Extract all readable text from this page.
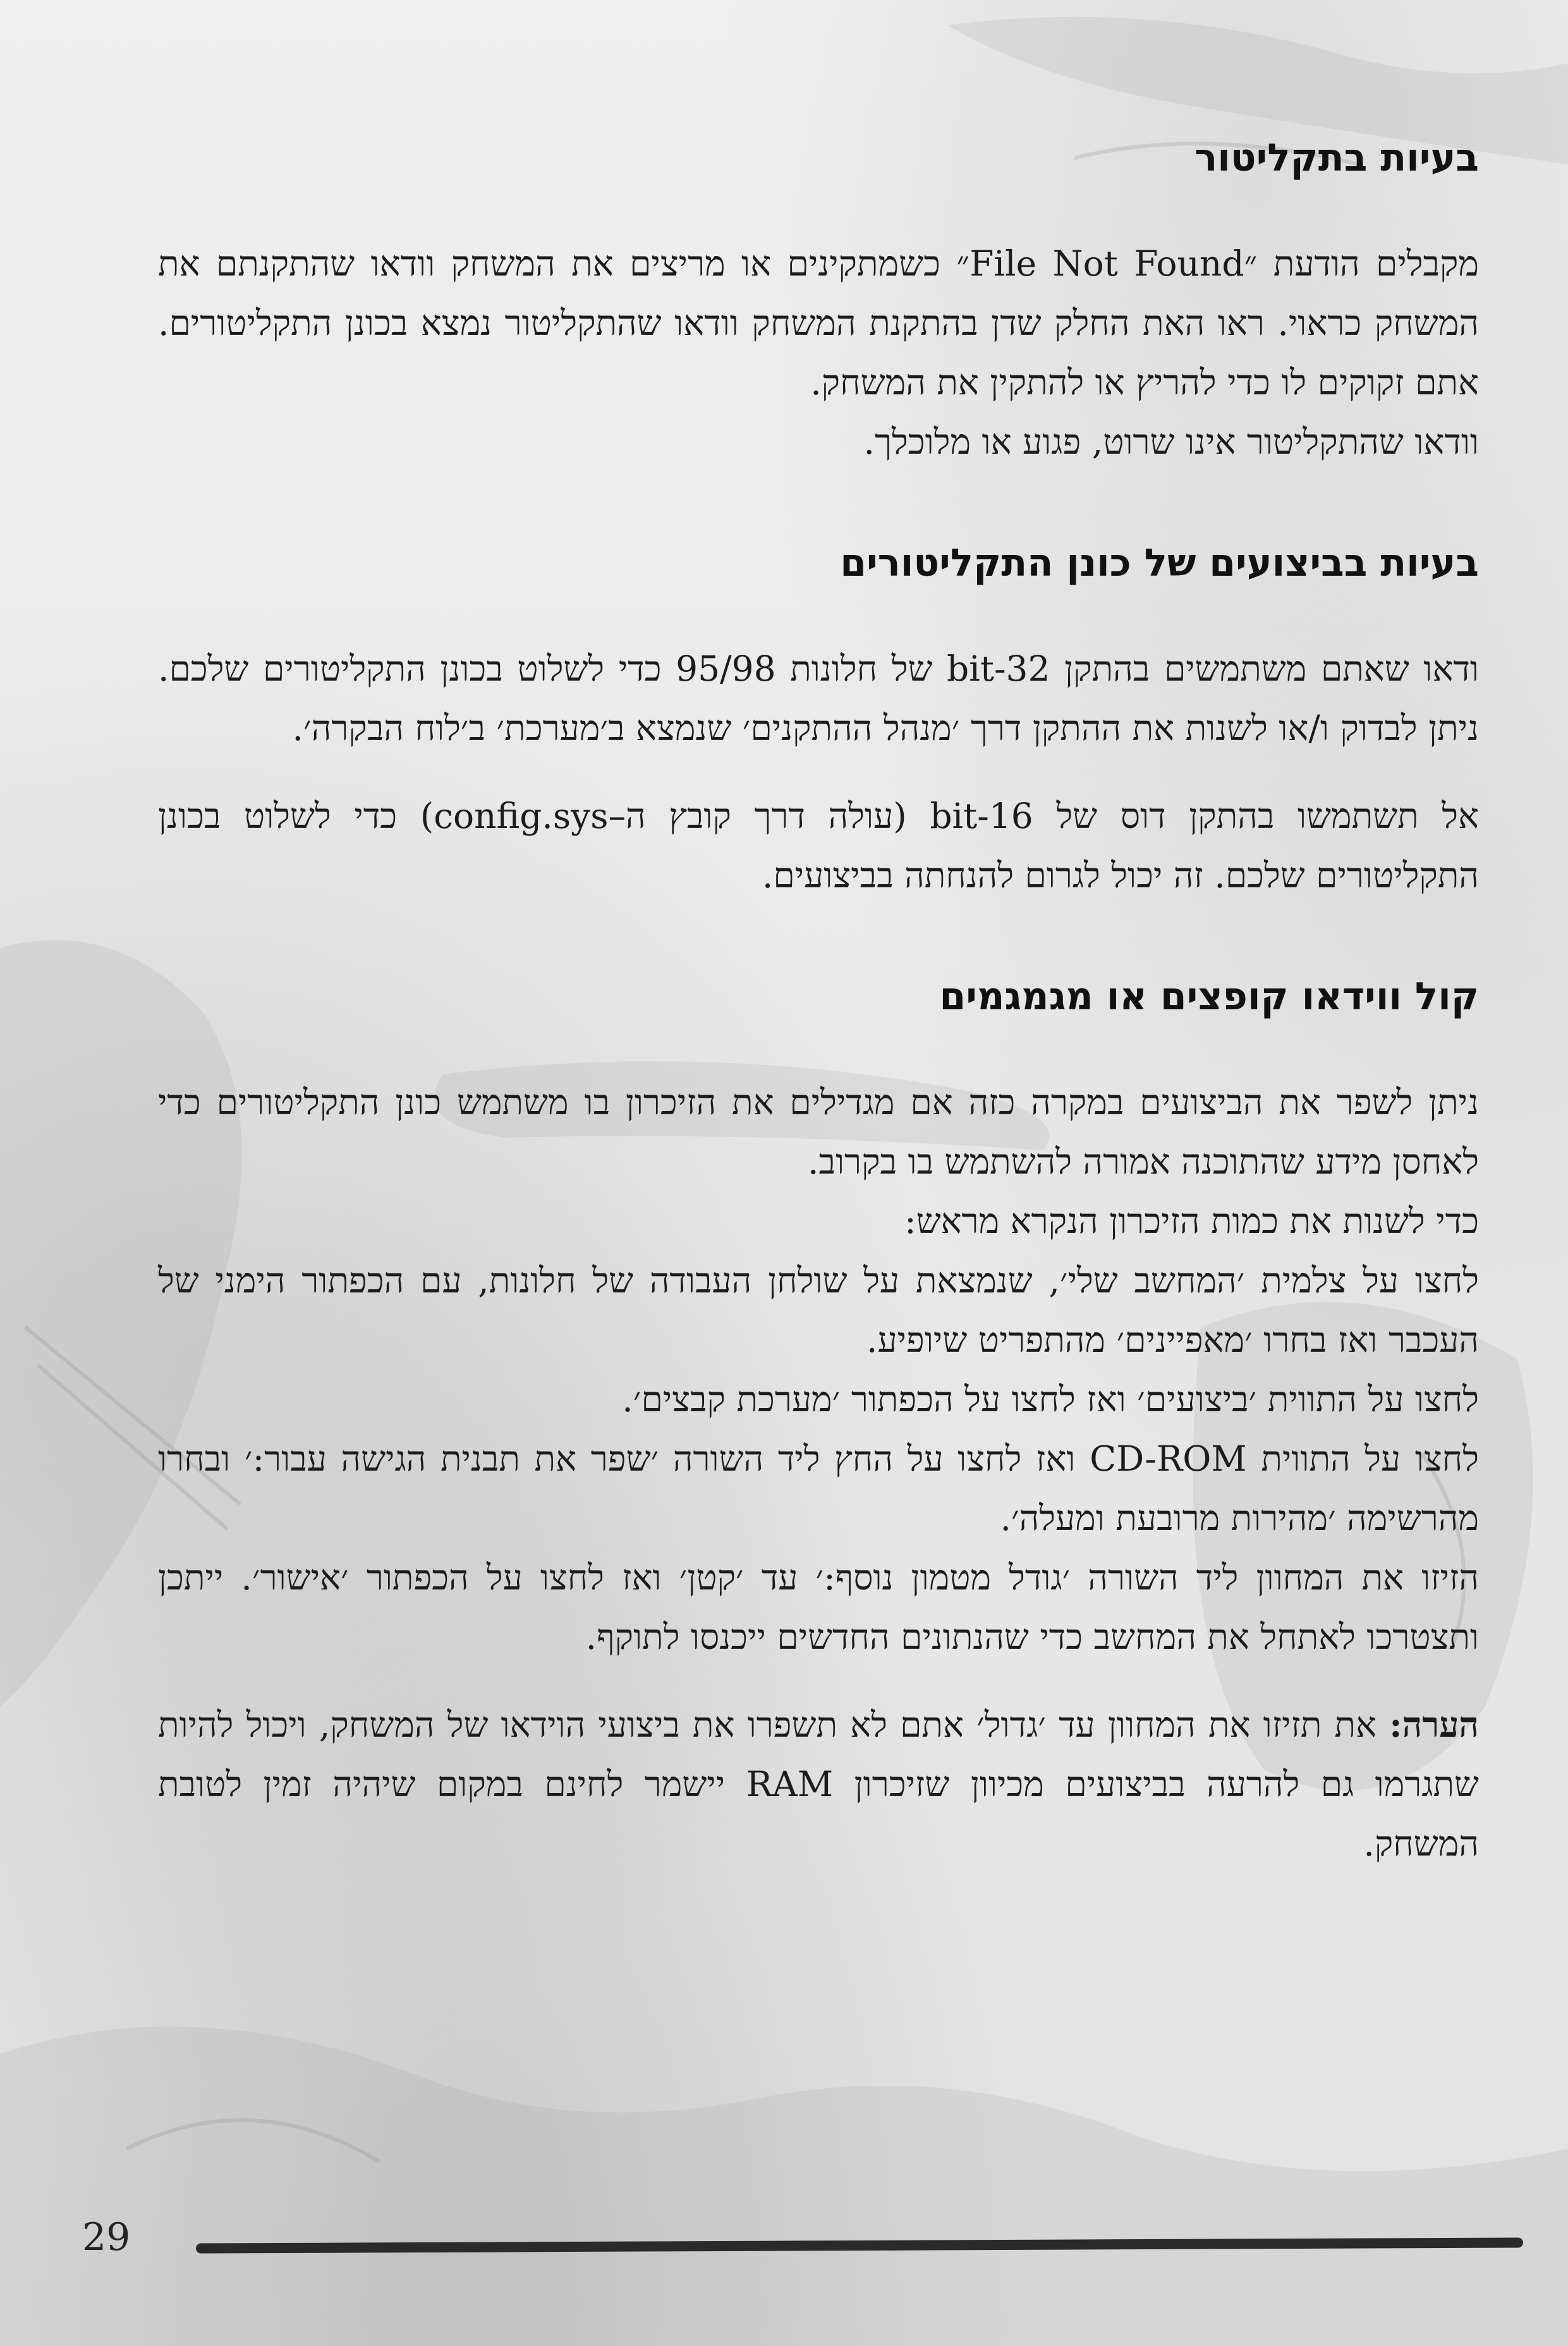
בעיות בתקליטור

מקבלים הודעת ״File Not Found״ כשמתקינים או מריצים את המשחק וודאו שהתקנתם את המשחק כראוי. ראו האת החלק שדן בהתקנת המשחק וודאו שהתקליטור נמצא בכונן התקליטורים. אתם זקוקים לו כדי להריץ או להתקין את המשחק.

וודאו שהתקליטור אינו שרוט, פגוע או מלוכלך.

בעיות בביצועים של כונן התקליטורים

ודאו שאתם משתמשים בהתקן 32-bit של חלונות 95/98 כדי לשלוט בכונן התקליטורים שלכם. ניתן לבדוק ו/או לשנות את ההתקן דרך ׳מנהל ההתקנים׳ שנמצא ב׳מערכת׳ ב׳לוח הבקרה׳.

אל תשתמשו בהתקן דוס של 16-bit (עולה דרך קובץ ה–config.sys) כדי לשלוט בכונן התקליטורים שלכם. זה יכול לגרום להנחתה בביצועים.

קול ווידאו קופצים או מגמגמים

ניתן לשפר את הביצועים במקרה כזה אם מגדילים את הזיכרון בו משתמש כונן התקליטורים כדי לאחסן מידע שהתוכנה אמורה להשתמש בו בקרוב.

כדי לשנות את כמות הזיכרון הנקרא מראש:

לחצו על צלמית ׳המחשב שלי׳, שנמצאת על שולחן העבודה של חלונות, עם הכפתור הימני של העכבר ואז בחרו ׳מאפיינים׳ מהתפריט שיופיע.

לחצו על התווית ׳ביצועים׳ ואז לחצו על הכפתור ׳מערכת קבצים׳.

לחצו על התווית CD-ROM ואז לחצו על החץ ליד השורה ׳שפר את תבנית הגישה עבור:׳ ובחרו מהרשימה ׳מהירות מרובעת ומעלה׳.

הזיזו את המחוון ליד השורה ׳גודל מטמון נוסף:׳ עד ׳קטן׳ ואז לחצו על הכפתור ׳אישור׳. ייתכן ותצטרכו לאתחל את המחשב כדי שהנתונים החדשים ייכנסו לתוקף.

הערה: את תזיזו את המחוון עד ׳גדול׳ אתם לא תשפרו את ביצועי הוידאו של המשחק, ויכול להיות שתגרמו גם להרעה בביצועים מכיוון שזיכרון RAM יישמר לחינם במקום שיהיה זמין לטובת המשחק.

29
